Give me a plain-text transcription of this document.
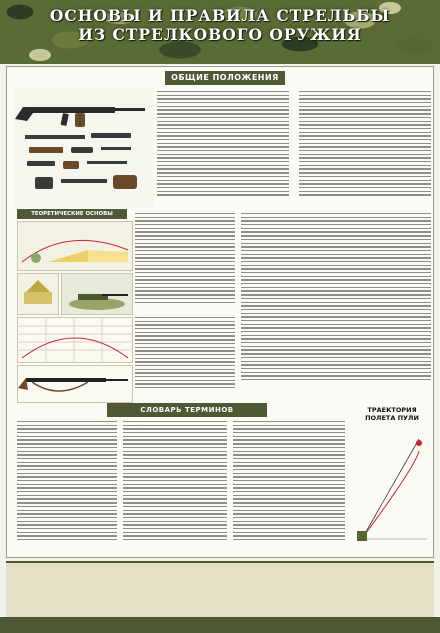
ОСНОВЫ И ПРАВИЛА СТРЕЛЬБЫ
ИЗ СТРЕЛКОВОГО ОРУЖИЯ
ОБЩИЕ ПОЛОЖЕНИЯ
ТЕОРЕТИЧЕСКИЕ ОСНОВЫ
СЛОВАРЬ ТЕРМИНОВ	ТРАЕКТОРИЯ
ПОЛЕТА ПУЛИ
